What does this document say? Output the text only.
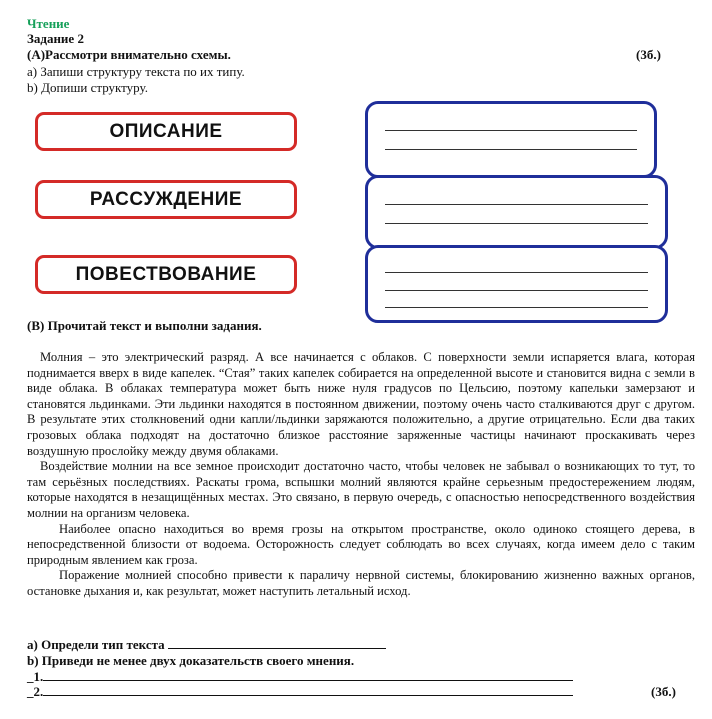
Чтение
Задание 2
(А)Рассмотри внимательно схемы.	(3б.)
а) Запиши структуру текста по их типу.
b) Допиши структуру.
ОПИСАНИЕ
РАССУЖДЕНИЕ
ПОВЕСТВОВАНИЕ
(В) Прочитай текст и выполни задания.

Молния – это электрический разряд. А все начинается с облаков. С поверхности земли испаряется влага, которая поднимается вверх в виде капелек. “Стая” таких капелек собирается на определенной высоте и становится видна с земли в виде облака. В облаках температура может быть ниже нуля градусов по Цельсию, поэтому капельки замерзают и становятся льдинками. Эти льдинки находятся в постоянном движении, поэтому очень часто сталкиваются друг с другом. В результате этих столкновений одни капли/льдинки заряжаются положительно, а другие отрицательно. Если два таких грозовых облака подходят на достаточно близкое расстояние заряженные частицы начинают проскакивать через воздушную прослойку между двумя облаками.

Воздействие молнии на все земное происходит достаточно часто, чтобы человек не забывал о возникающих то тут, то там серьёзных последствиях. Раскаты грома, вспышки молний являются крайне серьезным предостережением людям, которые находятся в незащищённых местах. Это связано, в первую очередь, с опасностью непосредственного воздействия молнии на организм человека.

Наиболее опасно находиться во время грозы на открытом пространстве, около одиноко стоящего дерева, в непосредственной близости от водоема. Осторожность следует соблюдать во всех случаях, когда имеем дело с таким природным явлением как гроза.

Поражение молнией способно привести к параличу нервной системы, блокированию жизненно важных органов, остановке дыхания и, как результат, может наступить летальный исход.

а) Определи тип текста
b) Приведи не менее двух доказательств своего мнения.
_1.
_2.	(3б.)
